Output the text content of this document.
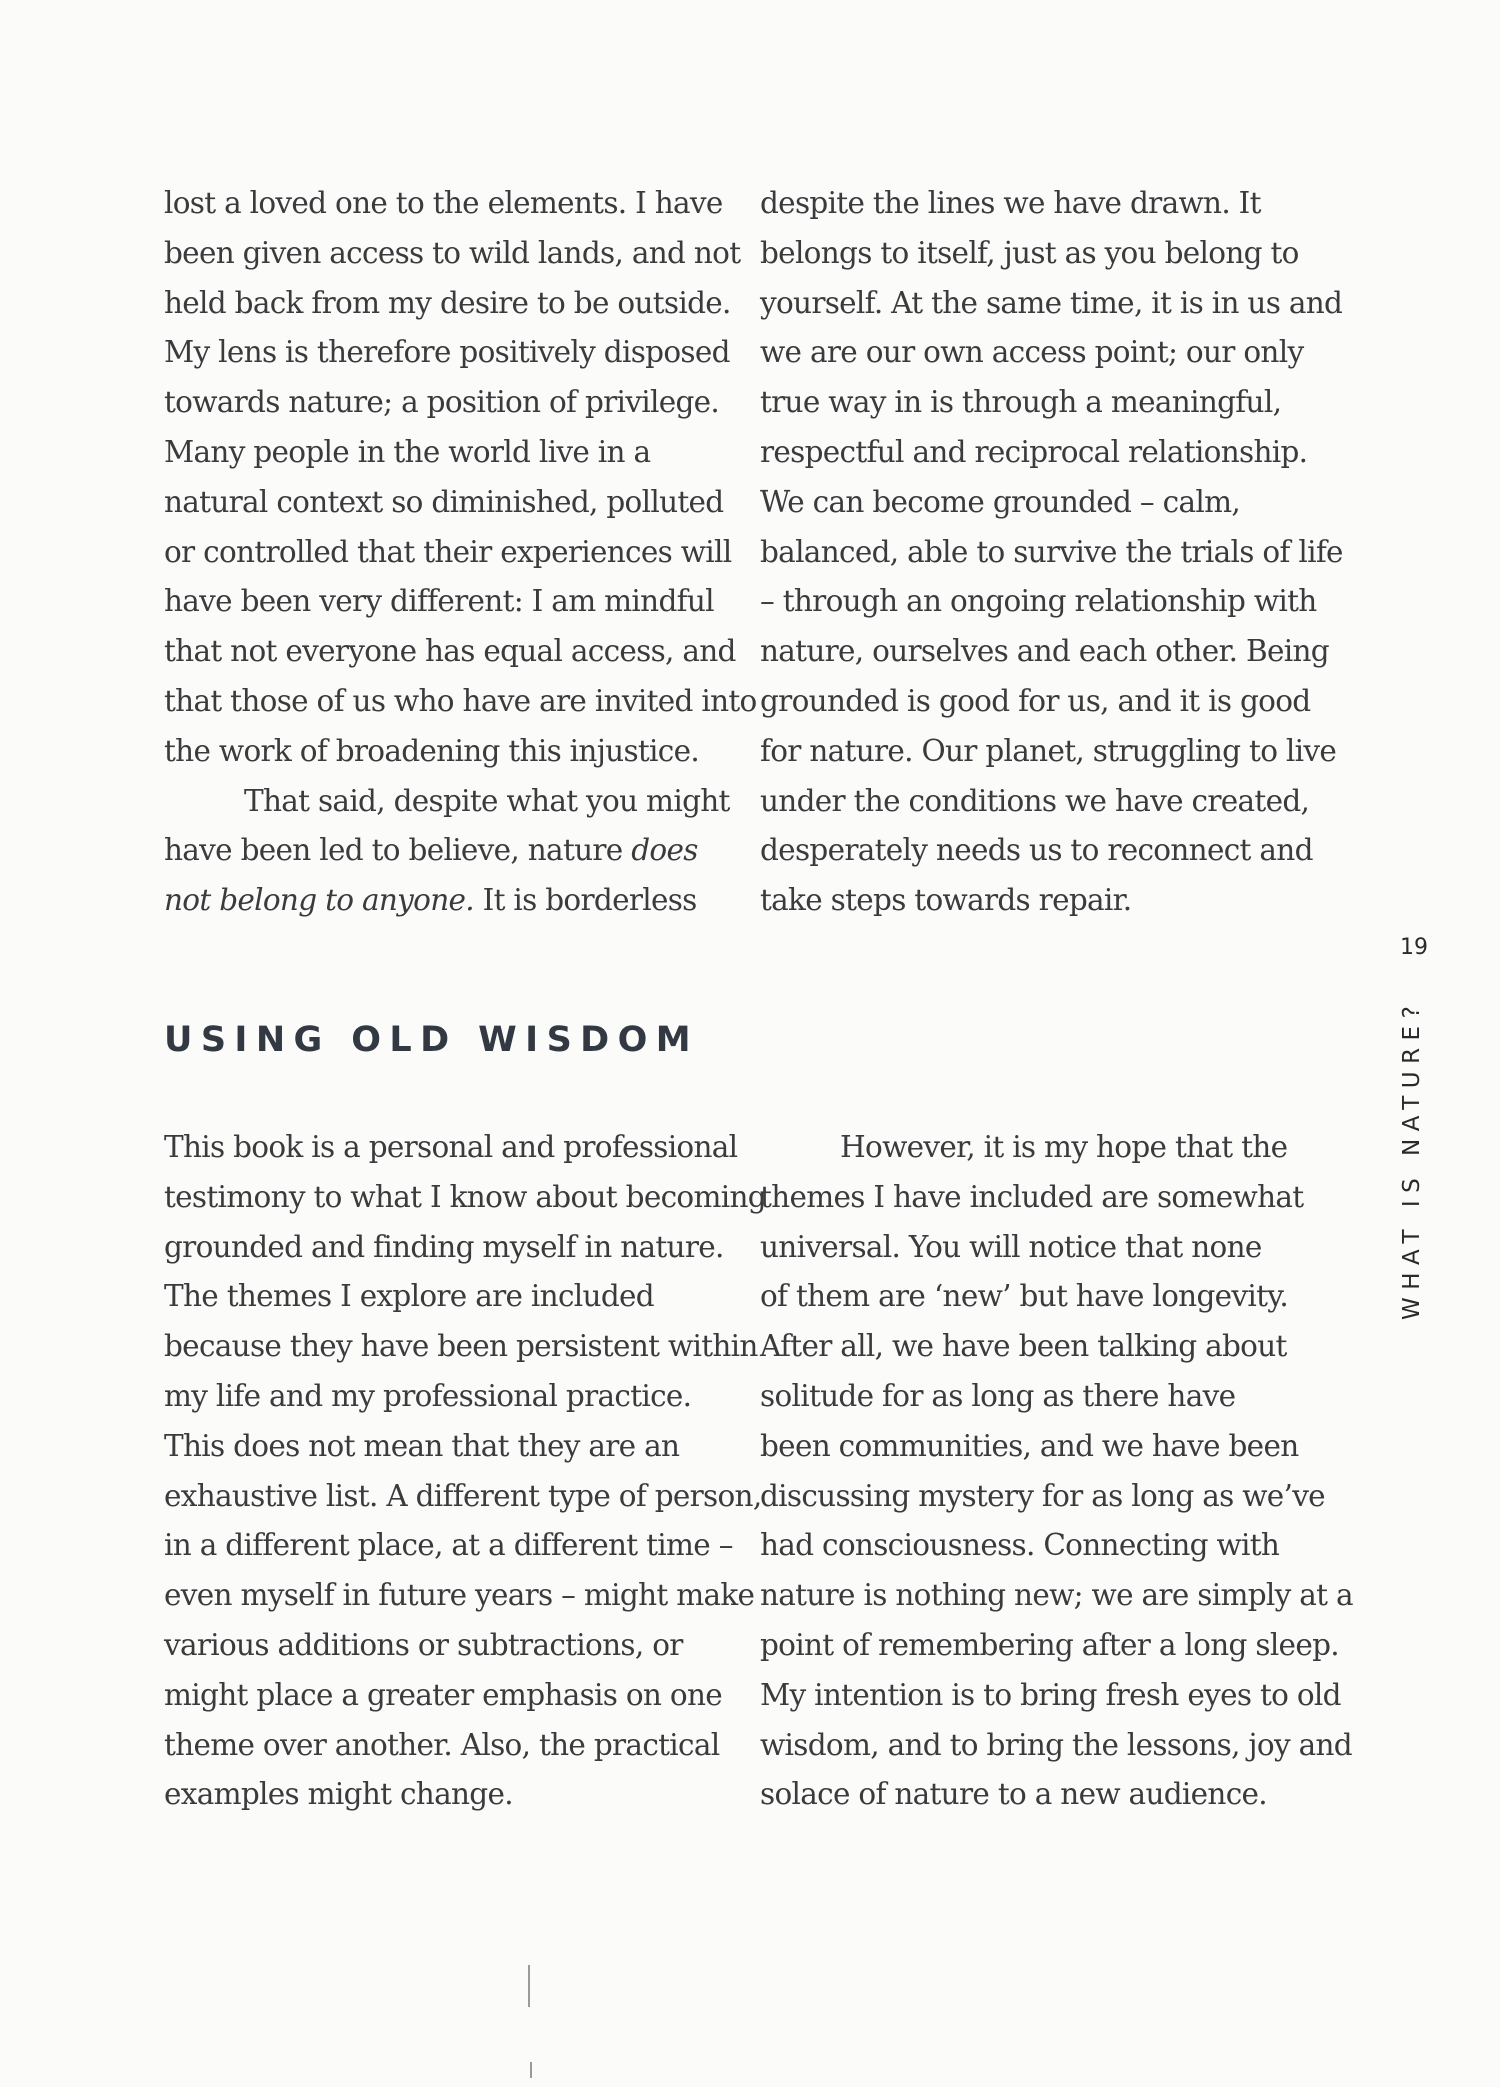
lost a loved one to the elements. I have
been given access to wild lands, and not
held back from my desire to be outside.
My lens is therefore positively disposed
towards nature; a position of privilege.
Many people in the world live in a
natural context so diminished, polluted
or controlled that their experiences will
have been very different: I am mindful
that not everyone has equal access, and
that those of us who have are invited into
the work of broadening this injustice.

That said, despite what you might
have been led to believe, nature does
not belong to anyone. It is borderless

despite the lines we have drawn. It
belongs to itself, just as you belong to
yourself. At the same time, it is in us and
we are our own access point; our only
true way in is through a meaningful,
respectful and reciprocal relationship.
We can become grounded – calm,
balanced, able to survive the trials of life
– through an ongoing relationship with
nature, ourselves and each other. Being
grounded is good for us, and it is good
for nature. Our planet, struggling to live
under the conditions we have created,
desperately needs us to reconnect and
take steps towards repair.

USING OLD WISDOM

This book is a personal and professional
testimony to what I know about becoming
grounded and finding myself in nature.
The themes I explore are included
because they have been persistent within
my life and my professional practice.
This does not mean that they are an
exhaustive list. A different type of person,
in a different place, at a different time –
even myself in future years – might make
various additions or subtractions, or
might place a greater emphasis on one
theme over another. Also, the practical
examples might change.

However, it is my hope that the
themes I have included are somewhat
universal. You will notice that none
of them are ‘new’ but have longevity.
After all, we have been talking about
solitude for as long as there have
been communities, and we have been
discussing mystery for as long as we’ve
had consciousness. Connecting with
nature is nothing new; we are simply at a
point of remembering after a long sleep.
My intention is to bring fresh eyes to old
wisdom, and to bring the lessons, joy and
solace of nature to a new audience.

19
WHAT IS NATURE?
